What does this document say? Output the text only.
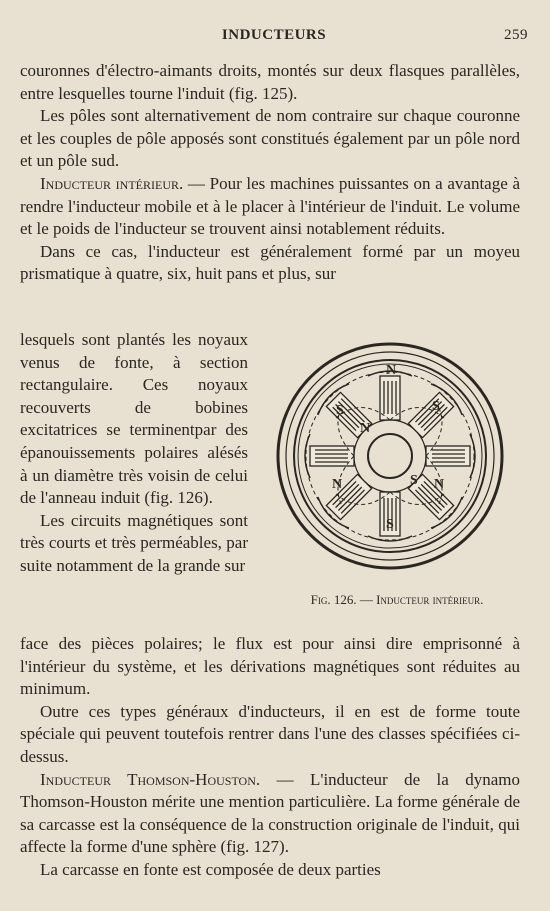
INDUCTEURS	259

couronnes d'électro-aimants droits, montés sur deux flasques parallèles, entre lesquelles tourne l'induit (fig. 125).

Les pôles sont alternativement de nom contraire sur chaque couronne et les couples de pôle apposés sont constitués également par un pôle nord et un pôle sud.

Inducteur intérieur. — Pour les machines puissantes on a avantage à rendre l'inducteur mobile et à le placer à l'intérieur de l'induit. Le volume et le poids de l'inducteur se trouvent ainsi notablement réduits.

Dans ce cas, l'inducteur est généralement formé par un moyeu prismatique à quatre, six, huit pans et plus, sur

lesquels sont plantés les noyaux venus de fonte, à section rectangulaire. Ces noyaux recouverts de bobines excitatrices se terminentpar des épanouissements polaires alésés à un diamètre très voisin de celui de l'anneau induit (fig. 126).

Les circuits magnétiques sont très courts et très perméables, par suite notamment de la grande sur

N
S
N
S
N
S
N
S
Fig. 126. — Inducteur intérieur.

face des pièces polaires; le flux est pour ainsi dire emprisonné à l'intérieur du système, et les dérivations magnétiques sont réduites au minimum.

Outre ces types généraux d'inducteurs, il en est de forme toute spéciale qui peuvent toutefois rentrer dans l'une des classes spécifiées ci-dessus.

Inducteur Thomson-Houston. — L'inducteur de la dynamo Thomson-Houston mérite une mention particulière. La forme générale de sa carcasse est la conséquence de la construction originale de l'induit, qui affecte la forme d'une sphère (fig. 127).

La carcasse en fonte est composée de deux parties
